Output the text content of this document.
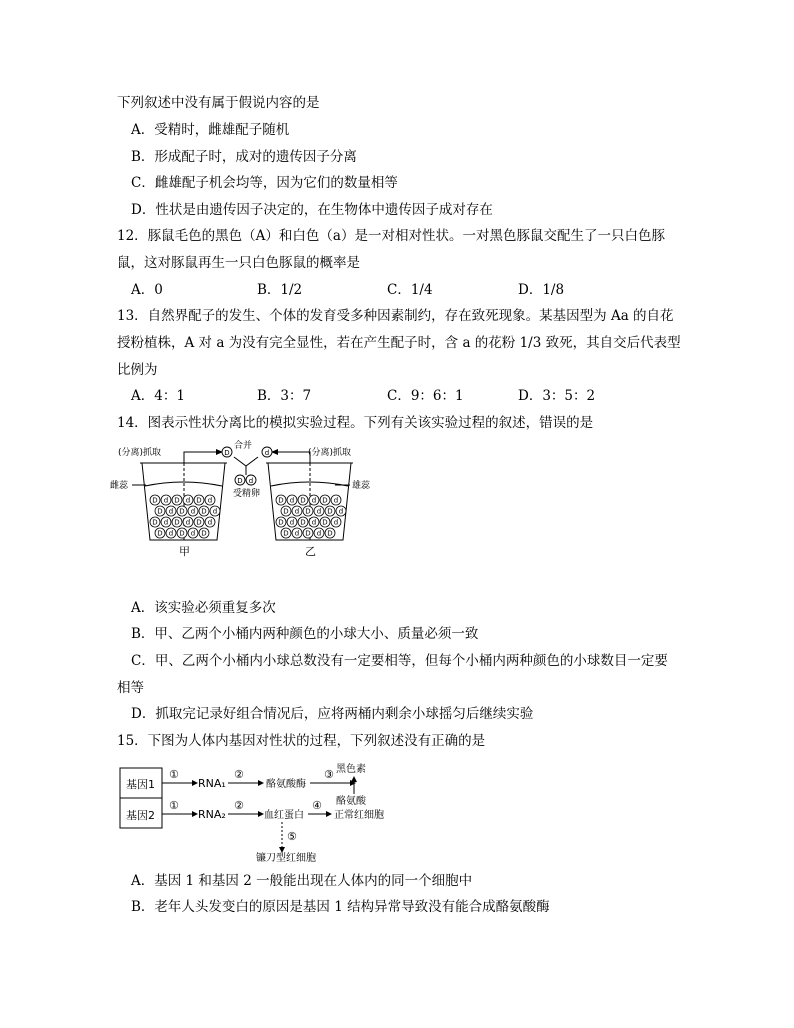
下列叙述中没有属于假说内容的是
A．受精时，雌雄配子随机
B．形成配子时，成对的遗传因子分离
C．雌雄配子机会均等，因为它们的数量相等
D．性状是由遗传因子决定的，在生物体中遗传因子成对存在
12．豚鼠毛色的黑色（A）和白色（a）是一对相对性状。一对黑色豚鼠交配生了一只白色豚
鼠，这对豚鼠再生一只白色豚鼠的概率是
A．0	B．1/2	C．1/4	D．1/8
13．自然界配子的发生、个体的发育受多种因素制约，存在致死现象。某基因型为 Aa 的自花
授粉植株，A 对 a 为没有完全显性，若在产生配子时，含 a 的花粉 1/3 致死，其自交后代表型
比例为
A．4：1	B．3：7	C．9：6：1	D．3：5：2
14．图表示性状分离比的模拟实验过程。下列有关该实验过程的叙述，错误的是
D	d
D d
(分离)抓取	(分离)抓取
合并
受精卵
雌蕊	雄蕊
甲	乙
D d D d D d
D d D d D d
D d D d D d
D d D d D
D d D d D d
D d D d D d
D d D d D d
D d D d D
A．该实验必须重复多次
B．甲、乙两个小桶内两种颜色的小球大小、质量必须一致
C．甲、乙两个小桶内小球总数没有一定要相等，但每个小桶内两种颜色的小球数目一定要
相等
D．抓取完记录好组合情况后，应将两桶内剩余小球摇匀后继续实验
15．下图为人体内基因对性状的过程，下列叙述没有正确的是
基因1
基因2
①	②	③
①	②	④
⑤
RNA₁
RNA₂
酪氨酸酶
黑色素
酪氨酸
血红蛋白	正常红细胞
镰刀型红细胞
A．基因 1 和基因 2 一般能出现在人体内的同一个细胞中
B．老年人头发变白的原因是基因 1 结构异常导致没有能合成酪氨酸酶
